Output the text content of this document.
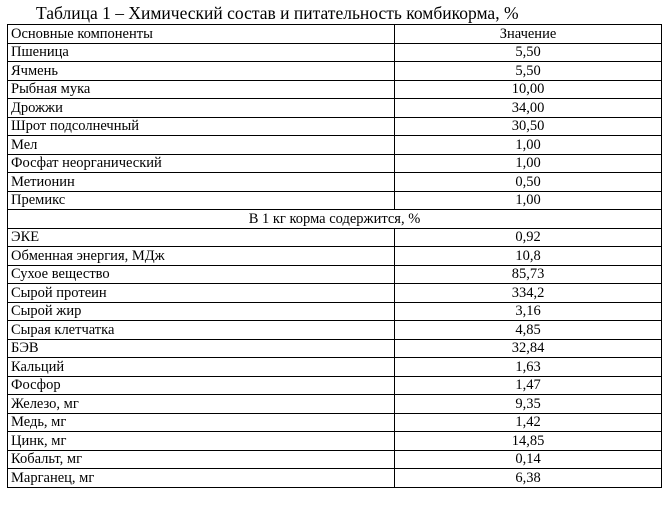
Таблица 1 – Химический состав и питательность комбикорма, %
Основные компоненты	Значение
Пшеница	5,50
Ячмень	5,50
Рыбная мука	10,00
Дрожжи	34,00
Шрот подсолнечный	30,50
Мел	1,00
Фосфат неорганический	1,00
Метионин	0,50
Премикс	1,00
В 1 кг корма содержится, %	
ЭКЕ	0,92
Обменная энергия, МДж	10,8
Сухое вещество	85,73
Сырой протеин	334,2
Сырой жир	3,16
Сырая клетчатка	4,85
БЭВ	32,84
Кальций	1,63
Фосфор	1,47
Железо, мг	9,35
Медь, мг	1,42
Цинк, мг	14,85
Кобальт, мг	0,14
Марганец, мг	6,38
